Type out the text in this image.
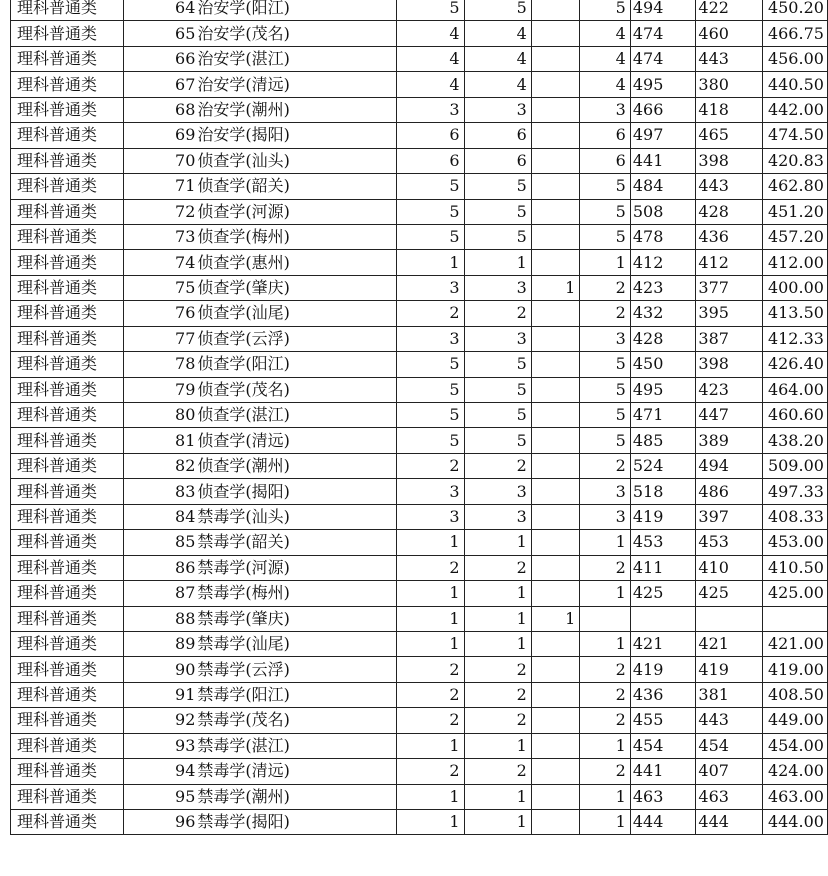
理科普通类	64	治安学(阳江)	5	5		5	494	422	450.20
理科普通类	65	治安学(茂名)	4	4		4	474	460	466.75
理科普通类	66	治安学(湛江)	4	4		4	474	443	456.00
理科普通类	67	治安学(清远)	4	4		4	495	380	440.50
理科普通类	68	治安学(潮州)	3	3		3	466	418	442.00
理科普通类	69	治安学(揭阳)	6	6		6	497	465	474.50
理科普通类	70	侦查学(汕头)	6	6		6	441	398	420.83
理科普通类	71	侦查学(韶关)	5	5		5	484	443	462.80
理科普通类	72	侦查学(河源)	5	5		5	508	428	451.20
理科普通类	73	侦查学(梅州)	5	5		5	478	436	457.20
理科普通类	74	侦查学(惠州)	1	1		1	412	412	412.00
理科普通类	75	侦查学(肇庆)	3	3	1	2	423	377	400.00
理科普通类	76	侦查学(汕尾)	2	2		2	432	395	413.50
理科普通类	77	侦查学(云浮)	3	3		3	428	387	412.33
理科普通类	78	侦查学(阳江)	5	5		5	450	398	426.40
理科普通类	79	侦查学(茂名)	5	5		5	495	423	464.00
理科普通类	80	侦查学(湛江)	5	5		5	471	447	460.60
理科普通类	81	侦查学(清远)	5	5		5	485	389	438.20
理科普通类	82	侦查学(潮州)	2	2		2	524	494	509.00
理科普通类	83	侦查学(揭阳)	3	3		3	518	486	497.33
理科普通类	84	禁毒学(汕头)	3	3		3	419	397	408.33
理科普通类	85	禁毒学(韶关)	1	1		1	453	453	453.00
理科普通类	86	禁毒学(河源)	2	2		2	411	410	410.50
理科普通类	87	禁毒学(梅州)	1	1		1	425	425	425.00
理科普通类	88	禁毒学(肇庆)	1	1	1				
理科普通类	89	禁毒学(汕尾)	1	1		1	421	421	421.00
理科普通类	90	禁毒学(云浮)	2	2		2	419	419	419.00
理科普通类	91	禁毒学(阳江)	2	2		2	436	381	408.50
理科普通类	92	禁毒学(茂名)	2	2		2	455	443	449.00
理科普通类	93	禁毒学(湛江)	1	1		1	454	454	454.00
理科普通类	94	禁毒学(清远)	2	2		2	441	407	424.00
理科普通类	95	禁毒学(潮州)	1	1		1	463	463	463.00
理科普通类	96	禁毒学(揭阳)	1	1		1	444	444	444.00
